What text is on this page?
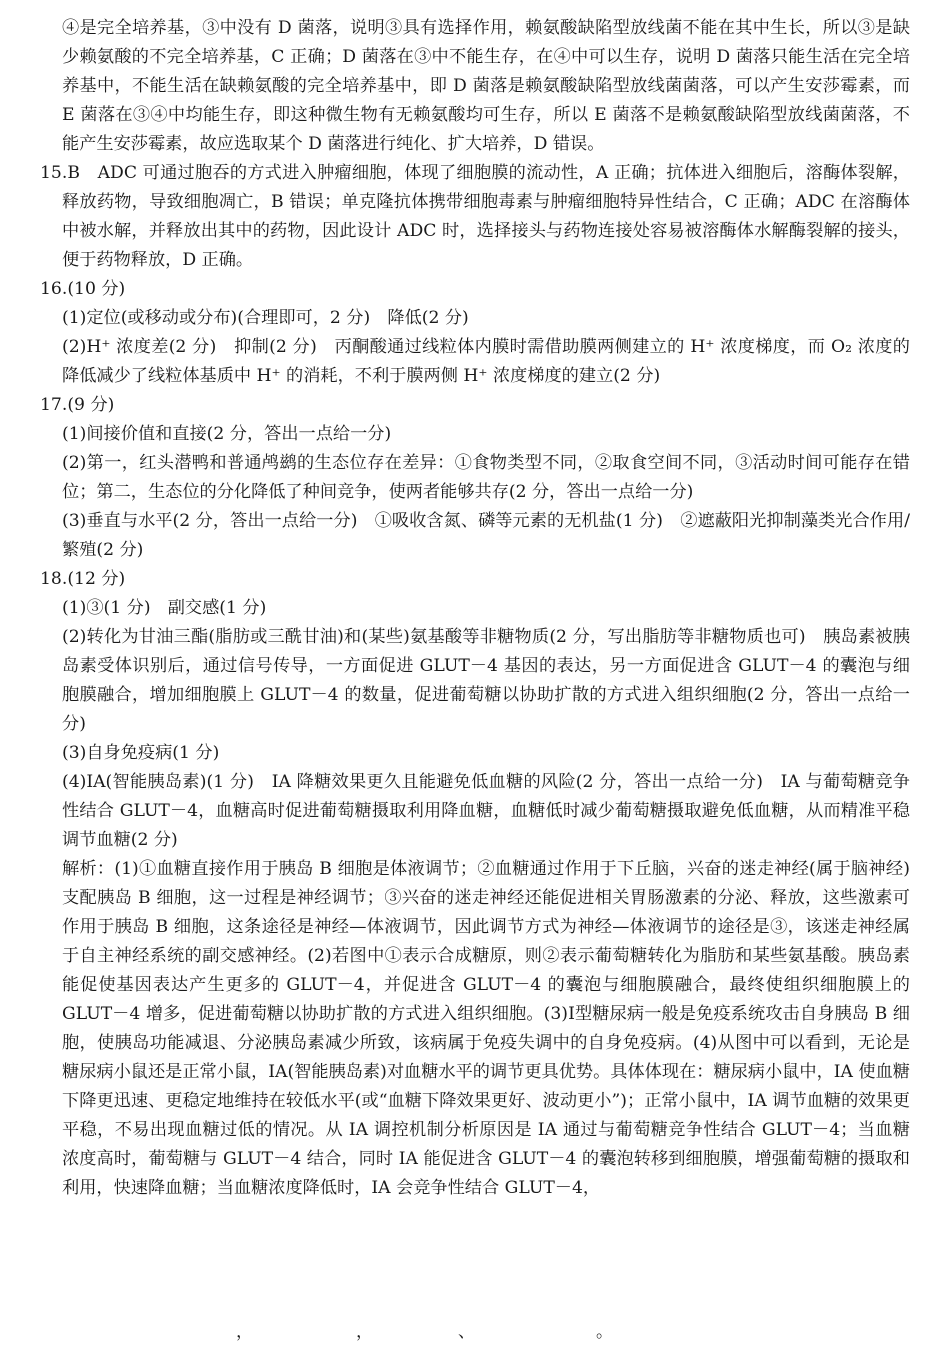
④是完全培养基，③中没有 D 菌落，说明③具有选择作用，赖氨酸缺陷型放线菌不能在其中生长，所以③是缺少赖氨酸的不完全培养基，C 正确；D 菌落在③中不能生存，在④中可以生存，说明 D 菌落只能生活在完全培养基中，不能生活在缺赖氨酸的完全培养基中，即 D 菌落是赖氨酸缺陷型放线菌菌落，可以产生安莎霉素，而 E 菌落在③④中均能生存，即这种微生物有无赖氨酸均可生存，所以 E 菌落不是赖氨酸缺陷型放线菌菌落，不能产生安莎霉素，故应选取某个 D 菌落进行纯化、扩大培养，D 错误。

15.B　ADC 可通过胞吞的方式进入肿瘤细胞，体现了细胞膜的流动性，A 正确；抗体进入细胞后，溶酶体裂解，释放药物，导致细胞凋亡，B 错误；单克隆抗体携带细胞毒素与肿瘤细胞特异性结合，C 正确；ADC 在溶酶体中被水解，并释放出其中的药物，因此设计 ADC 时，选择接头与药物连接处容易被溶酶体水解酶裂解的接头，便于药物释放，D 正确。

16.(10 分)

(1)定位(或移动或分布)(合理即可，2 分)　降低(2 分)

(2)H⁺ 浓度差(2 分)　抑制(2 分)　丙酮酸通过线粒体内膜时需借助膜两侧建立的 H⁺ 浓度梯度，而 O₂ 浓度的降低减少了线粒体基质中 H⁺ 的消耗，不利于膜两侧 H⁺ 浓度梯度的建立(2 分)

17.(9 分)

(1)间接价值和直接(2 分，答出一点给一分)

(2)第一，红头潜鸭和普通鸬鹚的生态位存在差异：①食物类型不同，②取食空间不同，③活动时间可能存在错位；第二，生态位的分化降低了种间竞争，使两者能够共存(2 分，答出一点给一分)

(3)垂直与水平(2 分，答出一点给一分)　①吸收含氮、磷等元素的无机盐(1 分)　②遮蔽阳光抑制藻类光合作用/繁殖(2 分)

18.(12 分)

(1)③(1 分)　副交感(1 分)

(2)转化为甘油三酯(脂肪或三酰甘油)和(某些)氨基酸等非糖物质(2 分，写出脂肪等非糖物质也可)　胰岛素被胰岛素受体识别后，通过信号传导，一方面促进 GLUT－4 基因的表达，另一方面促进含 GLUT－4 的囊泡与细胞膜融合，增加细胞膜上 GLUT－4 的数量，促进葡萄糖以协助扩散的方式进入组织细胞(2 分，答出一点给一分)

(3)自身免疫病(1 分)

(4)IA(智能胰岛素)(1 分)　IA 降糖效果更久且能避免低血糖的风险(2 分，答出一点给一分)　IA 与葡萄糖竞争性结合 GLUT－4，血糖高时促进葡萄糖摄取利用降血糖，血糖低时减少葡萄糖摄取避免低血糖，从而精准平稳调节血糖(2 分)

解析：(1)①血糖直接作用于胰岛 B 细胞是体液调节；②血糖通过作用于下丘脑，兴奋的迷走神经(属于脑神经)支配胰岛 B 细胞，这一过程是神经调节；③兴奋的迷走神经还能促进相关胃肠激素的分泌、释放，这些激素可作用于胰岛 B 细胞，这条途径是神经—体液调节，因此调节方式为神经—体液调节的途径是③，该迷走神经属于自主神经系统的副交感神经。(2)若图中①表示合成糖原，则②表示葡萄糖转化为脂肪和某些氨基酸。胰岛素能促使基因表达产生更多的 GLUT－4，并促进含 GLUT－4 的囊泡与细胞膜融合，最终使组织细胞膜上的 GLUT－4 增多，促进葡萄糖以协助扩散的方式进入组织细胞。(3)Ⅰ型糖尿病一般是免疫系统攻击自身胰岛 B 细胞，使胰岛功能减退、分泌胰岛素减少所致，该病属于免疫失调中的自身免疫病。(4)从图中可以看到，无论是糖尿病小鼠还是正常小鼠，IA(智能胰岛素)对血糖水平的调节更具优势。具体体现在：糖尿病小鼠中，IA 使血糖下降更迅速、更稳定地维持在较低水平(或“血糖下降效果更好、波动更小”)；正常小鼠中，IA 调节血糖的效果更平稳，不易出现血糖过低的情况。从 IA 调控机制分析原因是 IA 通过与葡萄糖竞争性结合 GLUT－4；当血糖浓度高时，葡萄糖与 GLUT－4 结合，同时 IA 能促进含 GLUT－4 的囊泡转移到细胞膜，增强葡萄糖的摄取和利用，快速降血糖；当血糖浓度降低时，IA 会竞争性结合 GLUT－4，

，	，	、	。
